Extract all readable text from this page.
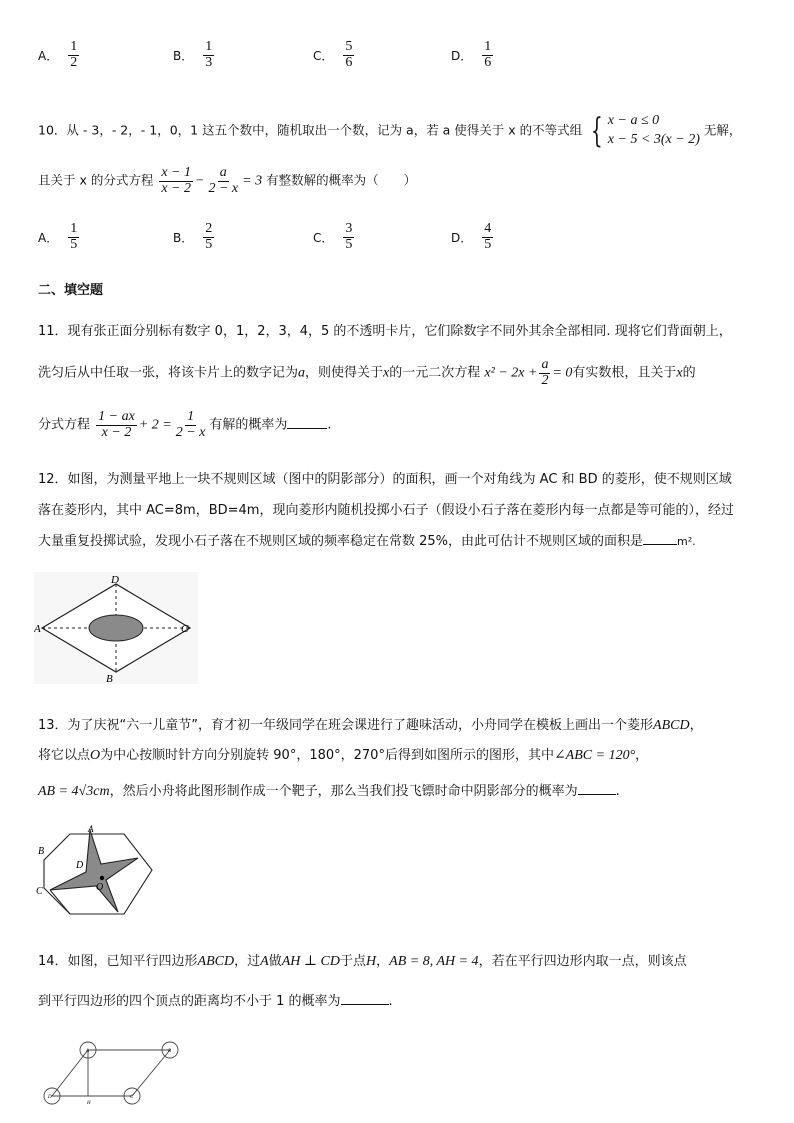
A． $\frac{1}{2}$	B． $\frac{1}{3}$	C． $\frac{5}{6}$	D． $\frac{1}{6}$
10．从 - 3，- 2，- 1，0，1 这五个数中，随机取出一个数，记为 a，若 a 使得关于 x 的不等式组 { x − a ≤ 0
x − 5 < 3(x − 2)
无解，
且关于 x 的分式方程 $\frac{x - 1}{x - 2} - \frac{a}{2 - x} = 3$ 有整数解的概率为（　　）
A． $\frac{1}{5}$	B． $\frac{2}{5}$	C． $\frac{3}{5}$	D． $\frac{4}{5}$
二、填空题
11．现有张正面分别标有数字 0，1，2，3，4，5 的不透明卡片，它们除数字不同外其余全部相同. 现将它们背面朝上，
洗匀后从中任取一张，将该卡片上的数字记为a，则使得关于x的一元二次方程 $x^2 - 2x + \frac{a}{2} = 0$有实数根，且关于x的
分式方程 $\frac{1 - ax}{x - 2} + 2 = \frac{1}{2 - x}$ 有解的概率为	.
12．如图，为测量平地上一块不规则区域（图中的阴影部分）的面积，画一个对角线为 AC 和 BD 的菱形，使不规则区域
落在菱形内，其中 AC=8m，BD=4m，现向菱形内随机投掷小石子（假设小石子落在菱形内每一点都是等可能的），经过
大量重复投掷试验，发现小石子落在不规则区域的频率稳定在常数 25%，由此可估计不规则区域的面积是	m².
A	C
D
B
13．为了庆祝“六一儿童节”，育才初一年级同学在班会课进行了趣味活动，小舟同学在模板上画出一个菱形ABCD，
将它以点O为中心按顺时针方向分别旋转 90°，180°，270°后得到如图所示的图形，其中∠ABC = 120°，
AB = 4√3cm，然后小舟将此图形制作成一个靶子，那么当我们投飞镖时命中阴影部分的概率为	.
A
B
C
D
O
14．如图，已知平行四边形ABCD，过A做AH ⊥ CD于点H，AB = 8, AH = 4，若在平行四边形内取一点，则该点
到平行四边形的四个顶点的距离均不小于 1 的概率为	.
A	B
C
D
H
